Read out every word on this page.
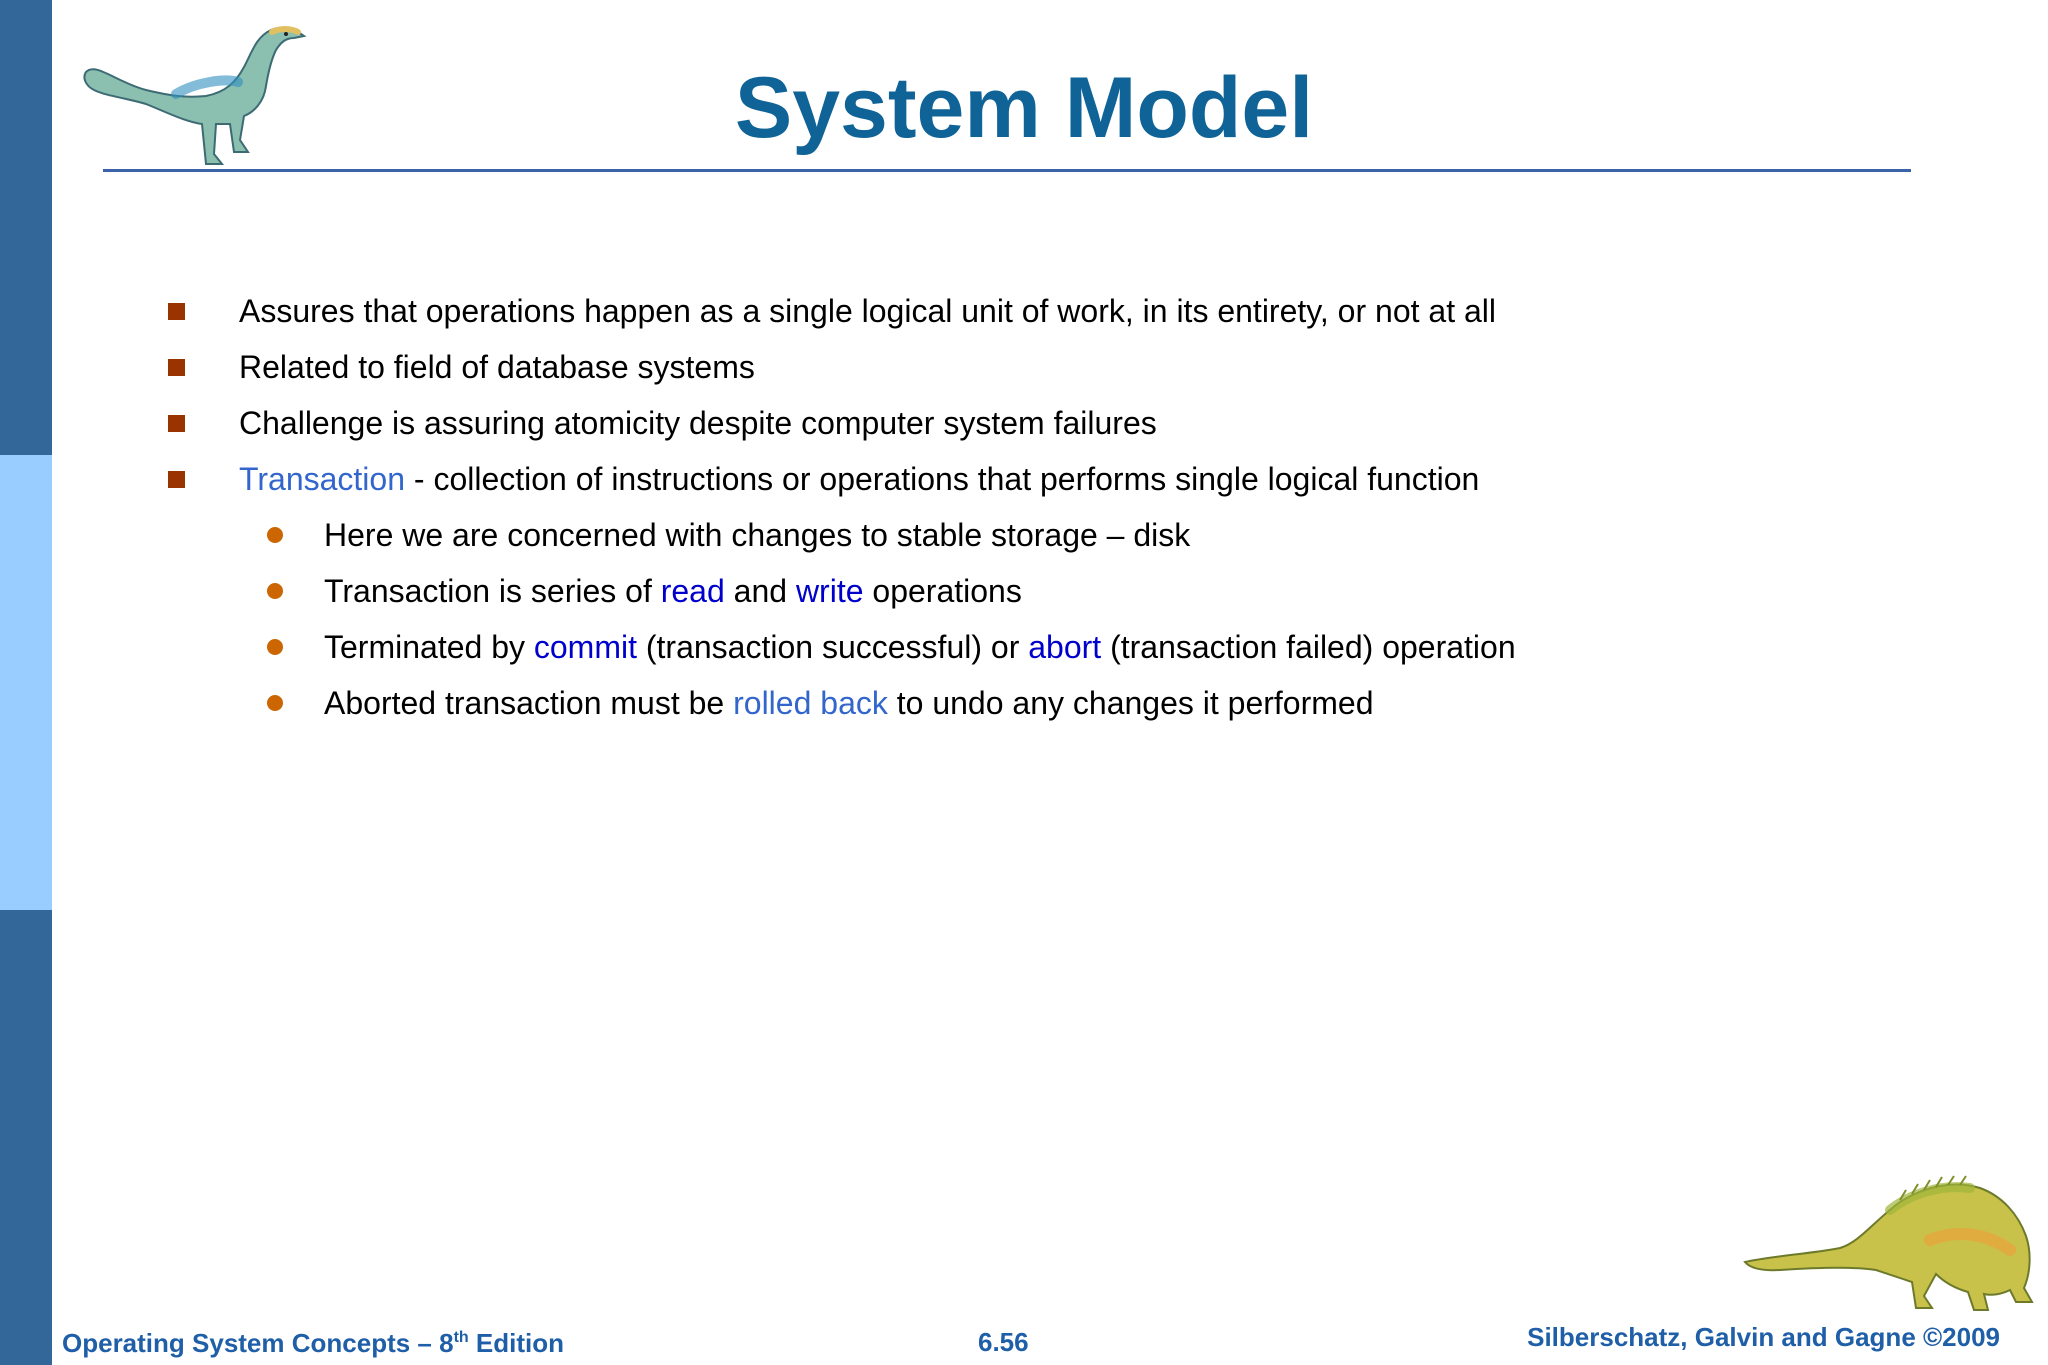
System Model
Assures that operations happen as a single logical unit of work, in its entirety, or not at all
Related to field of database systems
Challenge is assuring atomicity despite computer system failures
Transaction - collection of instructions or operations that performs single logical function
Here we are concerned with changes to stable storage – disk
Transaction is series of read and write operations
Terminated by commit (transaction successful) or abort (transaction failed) operation
Aborted transaction must be rolled back to undo any changes it performed
Operating System Concepts – 8th Edition	6.56	Silberschatz, Galvin and Gagne ©2009
